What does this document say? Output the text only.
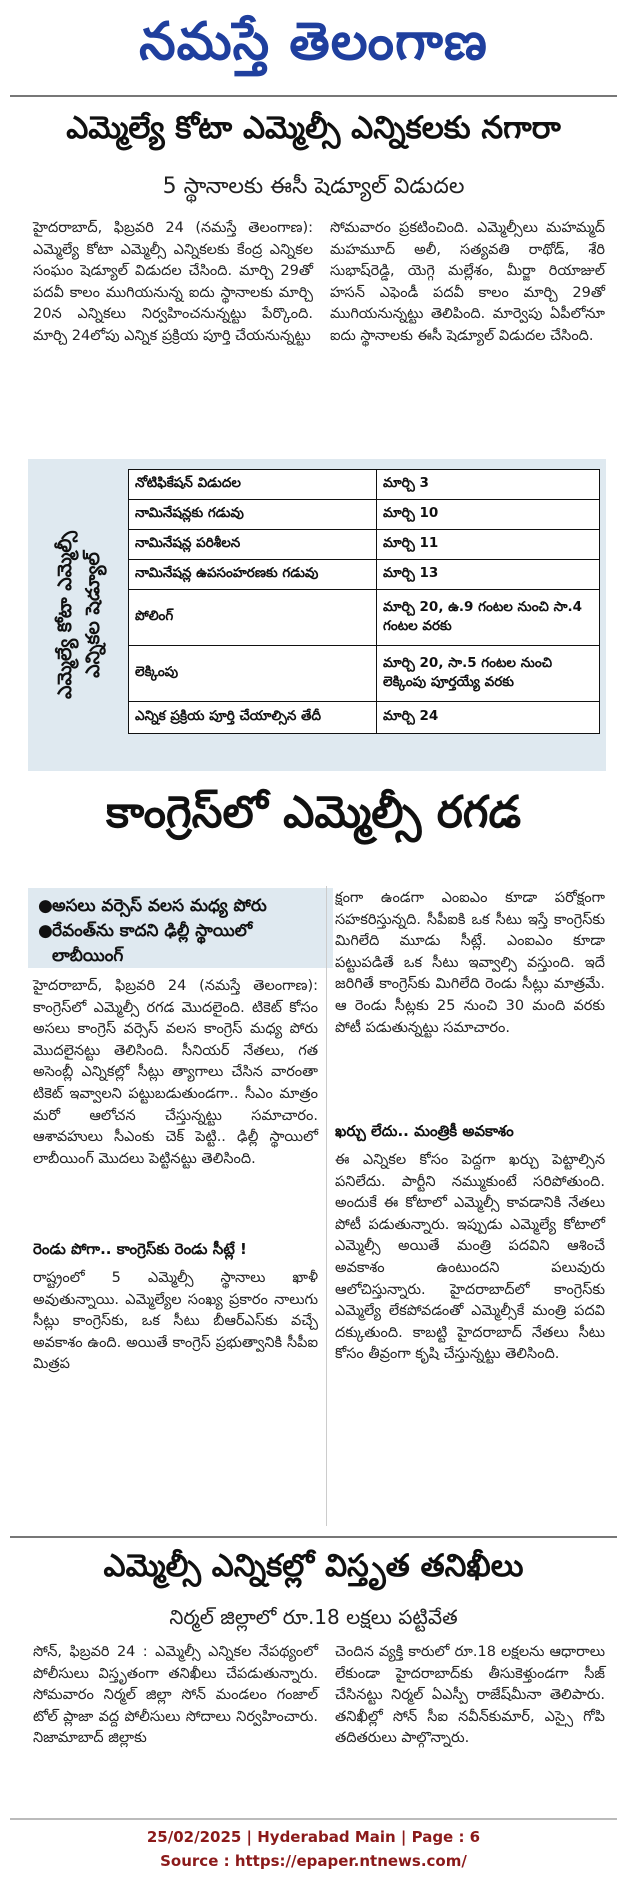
నమస్తే తెలంగాణ
ఎమ్మెల్యే కోటా ఎమ్మెల్సీ ఎన్నికలకు నగారా
5 స్థానాలకు ఈసీ షెడ్యూల్ విడుదల
హైదరాబాద్, ఫిబ్రవరి 24 (నమస్తే తెలంగాణ): ఎమ్మెల్యే కోటా ఎమ్మెల్సీ ఎన్నికలకు కేంద్ర ఎన్నికల సంఘం షెడ్యూల్ విడుదల చేసింది. మార్చి 29తో పదవీ కాలం ముగియనున్న ఐదు స్థానాలకు మార్చి 20న ఎన్నికలు నిర్వహించనున్నట్టు పేర్కొంది. మార్చి 24లోపు ఎన్నిక ప్రక్రియ పూర్తి చేయనున్నట్టు
సోమవారం ప్రకటించింది. ఎమ్మెల్సీలు మహమ్మద్ మహమూద్ అలీ, సత్యవతి రాథోడ్, శేరి సుభాష్‌రెడ్డి, యెగ్గె మల్లేశం, మీర్జా రియాజుల్ హసన్ ఎఫెండీ పదవీ కాలం మార్చి 29తో ముగియనున్నట్టు తెలిపింది. మార్వెపు ఏపీలోనూ ఐదు స్థానాలకు ఈసీ షెడ్యూల్ విడుదల చేసింది.
ఎమ్మెల్యే కోటా ఎమ్మెల్సీ ఎన్నికల షెడ్యూల్
నోటిఫికేషన్ విడుదల	మార్చి 3
నామినేషన్లకు గడువు	మార్చి 10
నామినేషన్ల పరిశీలన	మార్చి 11
నామినేషన్ల ఉపసంహరణకు గడువు	మార్చి 13
పోలింగ్	మార్చి 20, ఉ.9 గంటల నుంచి సా.4 గంటల వరకు
లెక్కింపు	మార్చి 20, సా.5 గంటల నుంచి లెక్కింపు పూర్తయ్యే వరకు
ఎన్నిక ప్రక్రియ పూర్తి చేయాల్సిన తేదీ	మార్చి 24
కాంగ్రెస్‌లో ఎమ్మెల్సీ రగడ
● అసలు వర్సెస్ వలస మధ్య పోరు
● రేవంత్‌ను కాదని ఢిల్లీ స్థాయిలో లాబీయింగ్
హైదరాబాద్, ఫిబ్రవరి 24 (నమస్తే తెలంగాణ): కాంగ్రెస్‌లో ఎమ్మెల్సీ రగడ మొదలైంది. టికెట్ కోసం అసలు కాంగ్రెస్ వర్సెస్ వలస కాంగ్రెస్ మధ్య పోరు మొదలైనట్టు తెలిసింది. సీనియర్ నేతలు, గత అసెంబ్లీ ఎన్నికల్లో సీట్లు త్యాగాలు చేసిన వారంతా టికెట్ ఇవ్వాలని పట్టుబడుతుండగా.. సీఎం మాత్రం మరో ఆలోచన చేస్తున్నట్టు సమాచారం. ఆశావహులు సీఎంకు చెక్ పెట్టి.. ఢిల్లీ స్థాయిలో లాబీయింగ్ మొదలు పెట్టినట్టు తెలిసింది.
రెండు పోగా.. కాంగ్రెస్‌కు రెండు సీట్లే !
రాష్ట్రంలో 5 ఎమ్మెల్సీ స్థానాలు ఖాళీ అవుతున్నాయి. ఎమ్మెల్యేల సంఖ్య ప్రకారం నాలుగు సీట్లు కాంగ్రెస్‌కు, ఒక సీటు బీఆర్‌ఎస్‌కు వచ్చే అవకాశం ఉంది. అయితే కాంగ్రెస్ ప్రభుత్వానికి సీపీఐ మిత్రప
క్షంగా ఉండగా ఎంఐఎం కూడా పరోక్షంగా సహకరిస్తున్నది. సీపీఐకి ఒక సీటు ఇస్తే కాంగ్రెస్‌కు మిగిలేది మూడు సీట్లే. ఎంఐఎం కూడా పట్టుపడితే ఒక సీటు ఇవ్వాల్సి వస్తుంది. ఇదే జరిగితే కాంగ్రెస్‌కు మిగిలేది రెండు సీట్లు మాత్రమే. ఆ రెండు సీట్లకు 25 నుంచి 30 మంది వరకు పోటీ పడుతున్నట్టు సమాచారం.
ఖర్చు లేదు.. మంత్రికీ అవకాశం
ఈ ఎన్నికల కోసం పెద్దగా ఖర్చు పెట్టాల్సిన పనిలేదు. పార్టీని నమ్ముకుంటే సరిపోతుంది. అందుకే ఈ కోటాలో ఎమ్మెల్సీ కావడానికి నేతలు పోటీ పడుతున్నారు. ఇప్పుడు ఎమ్మెల్యే కోటాలో ఎమ్మెల్సీ అయితే మంత్రి పదవిని ఆశించే అవకాశం ఉంటుందని పలువురు ఆలోచిస్తున్నారు. హైదరాబాద్‌లో కాంగ్రెస్‌కు ఎమ్మెల్యే లేకపోవడంతో ఎమ్మెల్సీకే మంత్రి పదవి దక్కుతుంది. కాబట్టి హైదరాబాద్ నేతలు సీటు కోసం తీవ్రంగా కృషి చేస్తున్నట్టు తెలిసింది.
ఎమ్మెల్సీ ఎన్నికల్లో విస్తృత తనిఖీలు
నిర్మల్ జిల్లాలో రూ.18 లక్షలు పట్టివేత
సోన్, ఫిబ్రవరి 24 : ఎమ్మెల్సీ ఎన్నికల నేపథ్యంలో పోలీసులు విస్తృతంగా తనిఖీలు చేపడుతున్నారు. సోమవారం నిర్మల్ జిల్లా సోన్ మండలం గంజాల్ టోల్ ప్లాజా వద్ద పోలీసులు సోదాలు నిర్వహించారు. నిజామాబాద్ జిల్లాకు
చెందిన వ్యక్తి కారులో రూ.18 లక్షలను ఆధారాలు లేకుండా హైదరాబాద్‌కు తీసుకెళ్తుండగా సీజ్ చేసినట్టు నిర్మల్ ఏఎస్పీ రాజేష్‌మీనా తెలిపారు. తనిఖీల్లో సోన్ సీఐ నవీన్‌కుమార్, ఎస్సై గోపి తదితరులు పాల్గొన్నారు.
25/02/2025 | Hyderabad Main | Page : 6
Source : https://epaper.ntnews.com/
